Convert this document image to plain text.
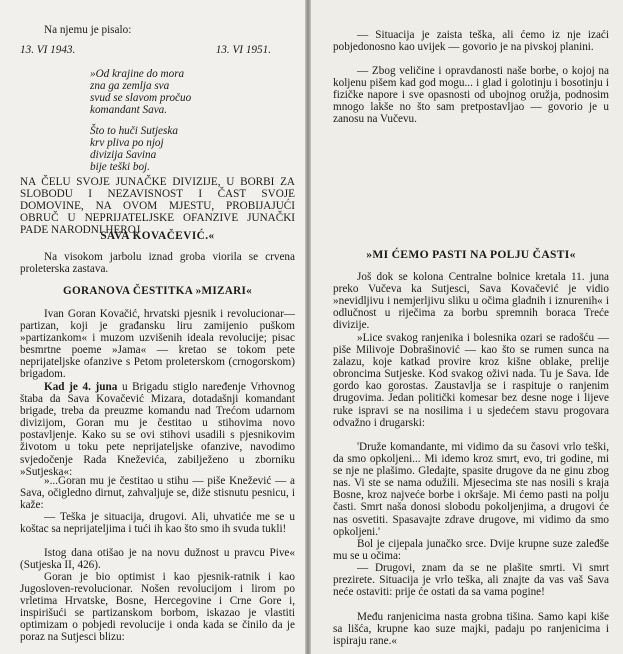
Na njemu je pisalo:

13. VI 1943.	13. VI 1951.
»Od krajine do mora
zna ga zemlja sva
svud se slavom pročuo
komandant Sava.
Što to huči Sutjeska
krv pliva po njoj
divizija Savina
bije teški boj.

NA ČELU SVOJE JUNAČKE DIVIZIJE, U BORBI ZA SLOBODU I NEZAVISNOST I ČAST SVOJE DOMOVINE, NA OVOM MJESTU, PROBIJAJUĆI OBRUČ U NEPRIJATELJSKE OFANZIVE JUNAČKI PADE NARODNI HEROJ

SAVA KOVAČEVIĆ.«

Na visokom jarbolu iznad groba viorila se crvena proleterska zastava.

GORANOVA ČESTITKA »MIZARI«

Ivan Goran Kovačić, hrvatski pjesnik i revolucionar—partizan, koji je građansku liru zamijenio puškom »partizankom« i muzom uzvišenih ideala revolucije; pisac besmrtne poeme »Jama« — kretao se tokom pete neprijateljske ofanzive s Petom proleterskom (crnogorskom) brigadom.

Kad je 4. juna u Brigadu stiglo naređenje Vrhovnog štaba da Sava Kovačević Mizara, dotadašnji komandant brigade, treba da preuzme komandu nad Trećom udarnom divizijom, Goran mu je čestitao u stihovima novo postavljenje. Kako su se ovi stihovi usadili s pjesnikovim životom u toku pete neprijateljske ofanzive, navodimo svjedočenje Rada Kneževića, zabilježeno u zborniku »Sutjeska«:

»...Goran mu je čestitao u stihu — piše Knežević — a Sava, očigledno dirnut, zahvaljuje se, diže stisnutu pesnicu, i kaže:

— Teška je situacija, drugovi. Ali, uhvatiće me se u koštac sa neprijateljima i tući ih kao što smo ih svuda tukli!

Istog dana otišao je na novu dužnost u pravcu Pive« (Sutjeska II, 426).

Goran je bio optimist i kao pjesnik-ratnik i kao Jugosloven-revolucionar. Nošen revolucijom i lirom po vrletima Hrvatske, Bosne, Hercegovine i Crne Gore i, inspirišući se partizanskom borbom, iskazao je vlastiti optimizam o pobjedi revolucije i onda kada se činilo da je poraz na Sutjesci blizu:

— Situacija je zaista teška, ali ćemo iz nje izaći pobjedonosno kao uvijek — govorio je na pivskoj planini.

— Zbog veličine i opravdanosti naše borbe, o kojoj na koljenu pišem kad god mogu... i glad i golotinju i bosotinju i fizičke napore i sve opasnosti od ubojnog oružja, podnosim mnogo lakše no što sam pretpostavljao — govorio je u zanosu na Vučevu.

»MI ĆEMO PASTI NA POLJU ČASTI«

Još dok se kolona Centralne bolnice kretala 11. juna preko Vučeva ka Sutjesci, Sava Kovačević je vidio »nevidljivu i nemjerljivu sliku u očima gladnih i iznurenih« i odlučnost u riječima za borbu spremnih boraca Treće divizije.

»Lice svakog ranjenika i bolesnika ozari se radošću — piše Milivoje Dobrašinović — kao što se rumen sunca na zalazu, koje katkad provire kroz kišne oblake, prelije obroncima Sutjeske. Kod svakog oživi nada. Tu je Sava. Ide gordo kao gorostas. Zaustavlja se i raspituje o ranjenim drugovima. Jedan politički komesar bez desne noge i lijeve ruke ispravi se na nosilima i u sjedećem stavu progovara odvažno i drugarski:

'Druže komandante, mi vidimo da su časovi vrlo teški, da smo opkoljeni... Mi idemo kroz smrt, evo, tri godine, mi se nje ne plašimo. Gledajte, spasite drugove da ne ginu zbog nas. Vi ste se nama odužili. Mjesecima ste nas nosili s kraja Bosne, kroz najveće borbe i okršaje. Mi ćemo pasti na polju časti. Smrt naša donosi slobodu pokoljenjima, a drugovi će nas osvetiti. Spasavajte zdrave drugove, mi vidimo da smo opkoljeni.'

Bol je cijepala junačko srce. Dvije krupne suze zaleđše mu se u očima:

— Drugovi, znam da se ne plašite smrti. Vi smrt prezirete. Situacija je vrlo teška, ali znajte da vas vaš Sava neće ostaviti: prije će ostati da sa vama pogine!

Među ranjenicima nasta grobna tišina. Samo kapi kiše sa lišća, krupne kao suze majki, padaju po ranjenicima i ispiraju rane.«
